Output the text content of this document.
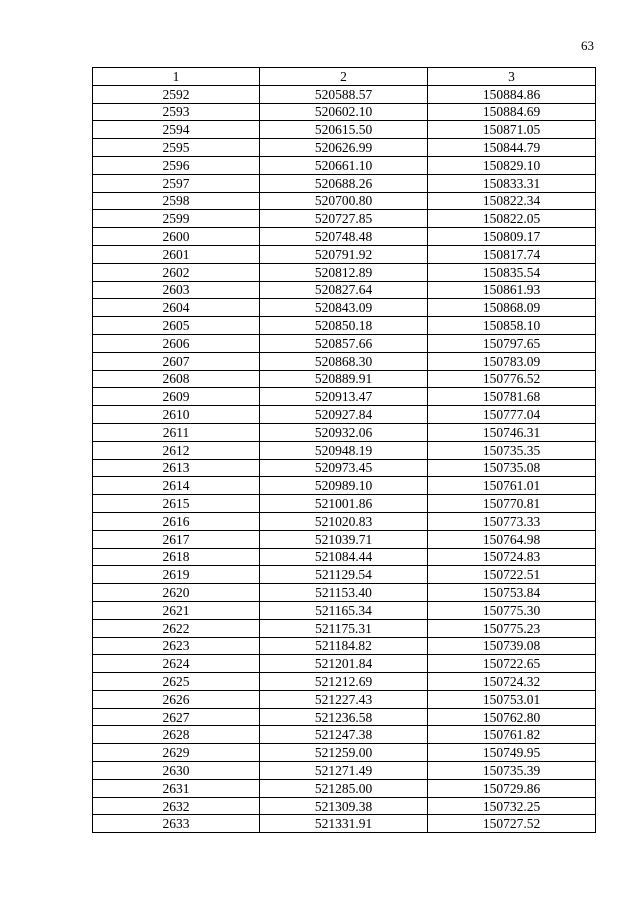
63
1	2	3
2592	520588.57	150884.86
2593	520602.10	150884.69
2594	520615.50	150871.05
2595	520626.99	150844.79
2596	520661.10	150829.10
2597	520688.26	150833.31
2598	520700.80	150822.34
2599	520727.85	150822.05
2600	520748.48	150809.17
2601	520791.92	150817.74
2602	520812.89	150835.54
2603	520827.64	150861.93
2604	520843.09	150868.09
2605	520850.18	150858.10
2606	520857.66	150797.65
2607	520868.30	150783.09
2608	520889.91	150776.52
2609	520913.47	150781.68
2610	520927.84	150777.04
2611	520932.06	150746.31
2612	520948.19	150735.35
2613	520973.45	150735.08
2614	520989.10	150761.01
2615	521001.86	150770.81
2616	521020.83	150773.33
2617	521039.71	150764.98
2618	521084.44	150724.83
2619	521129.54	150722.51
2620	521153.40	150753.84
2621	521165.34	150775.30
2622	521175.31	150775.23
2623	521184.82	150739.08
2624	521201.84	150722.65
2625	521212.69	150724.32
2626	521227.43	150753.01
2627	521236.58	150762.80
2628	521247.38	150761.82
2629	521259.00	150749.95
2630	521271.49	150735.39
2631	521285.00	150729.86
2632	521309.38	150732.25
2633	521331.91	150727.52
